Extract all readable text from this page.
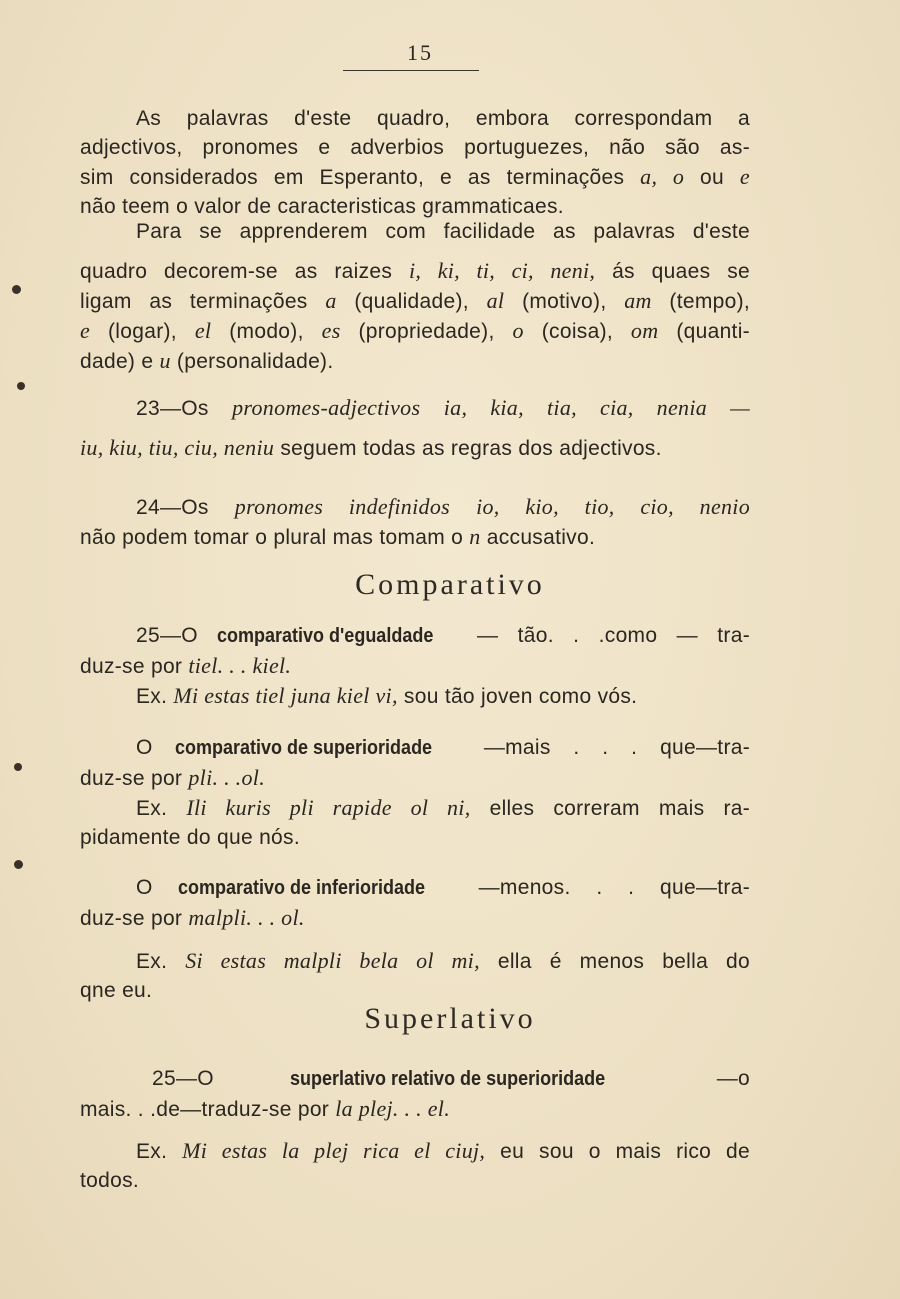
15
As palavras d'este quadro, embora correspondam a
adjectivos, pronomes e adverbios portuguezes, não são as-
sim considerados em Esperanto, e as terminações a, o ou e
não teem o valor de caracteristicas grammaticaes.
Para se apprenderem com facilidade as palavras d'este
quadro decorem-se as raizes i, ki, ti, ci, neni, ás quaes se
ligam as terminações a (qualidade), al (motivo), am (tempo),
e (logar), el (modo), es (propriedade), o (coisa), om (quanti-
dade) e u (personalidade).
23—Os pronomes-adjectivos ia, kia, tia, cia, nenia —
iu, kiu, tiu, ciu, neniu seguem todas as regras dos adjectivos.
24—Os pronomes indefinidos io, kio, tio, cio, nenio
não podem tomar o plural mas tomam o n accusativo.
Comparativo
25—O comparativo d'egualdade — tão. . .como — tra-
duz-se por tiel. . . kiel.
Ex. Mi estas tiel juna kiel vi, sou tão joven como vós.
O comparativo de superioridade —mais . . . que—tra-
duz-se por pli. . .ol.
Ex. Ili kuris pli rapide ol ni, elles correram mais ra-
pidamente do que nós.
O comparativo de inferioridade	—menos. . . que—tra-
duz-se por malpli. . . ol.
Ex. Si estas malpli bela ol mi, ella é menos bella do
qne eu.
Superlativo
25—O	superlativo relativo de superioridade	—o
mais. . .de—traduz-se por la plej. . . el.
Ex. Mi estas la plej rica el ciuj, eu sou o mais rico de
todos.
